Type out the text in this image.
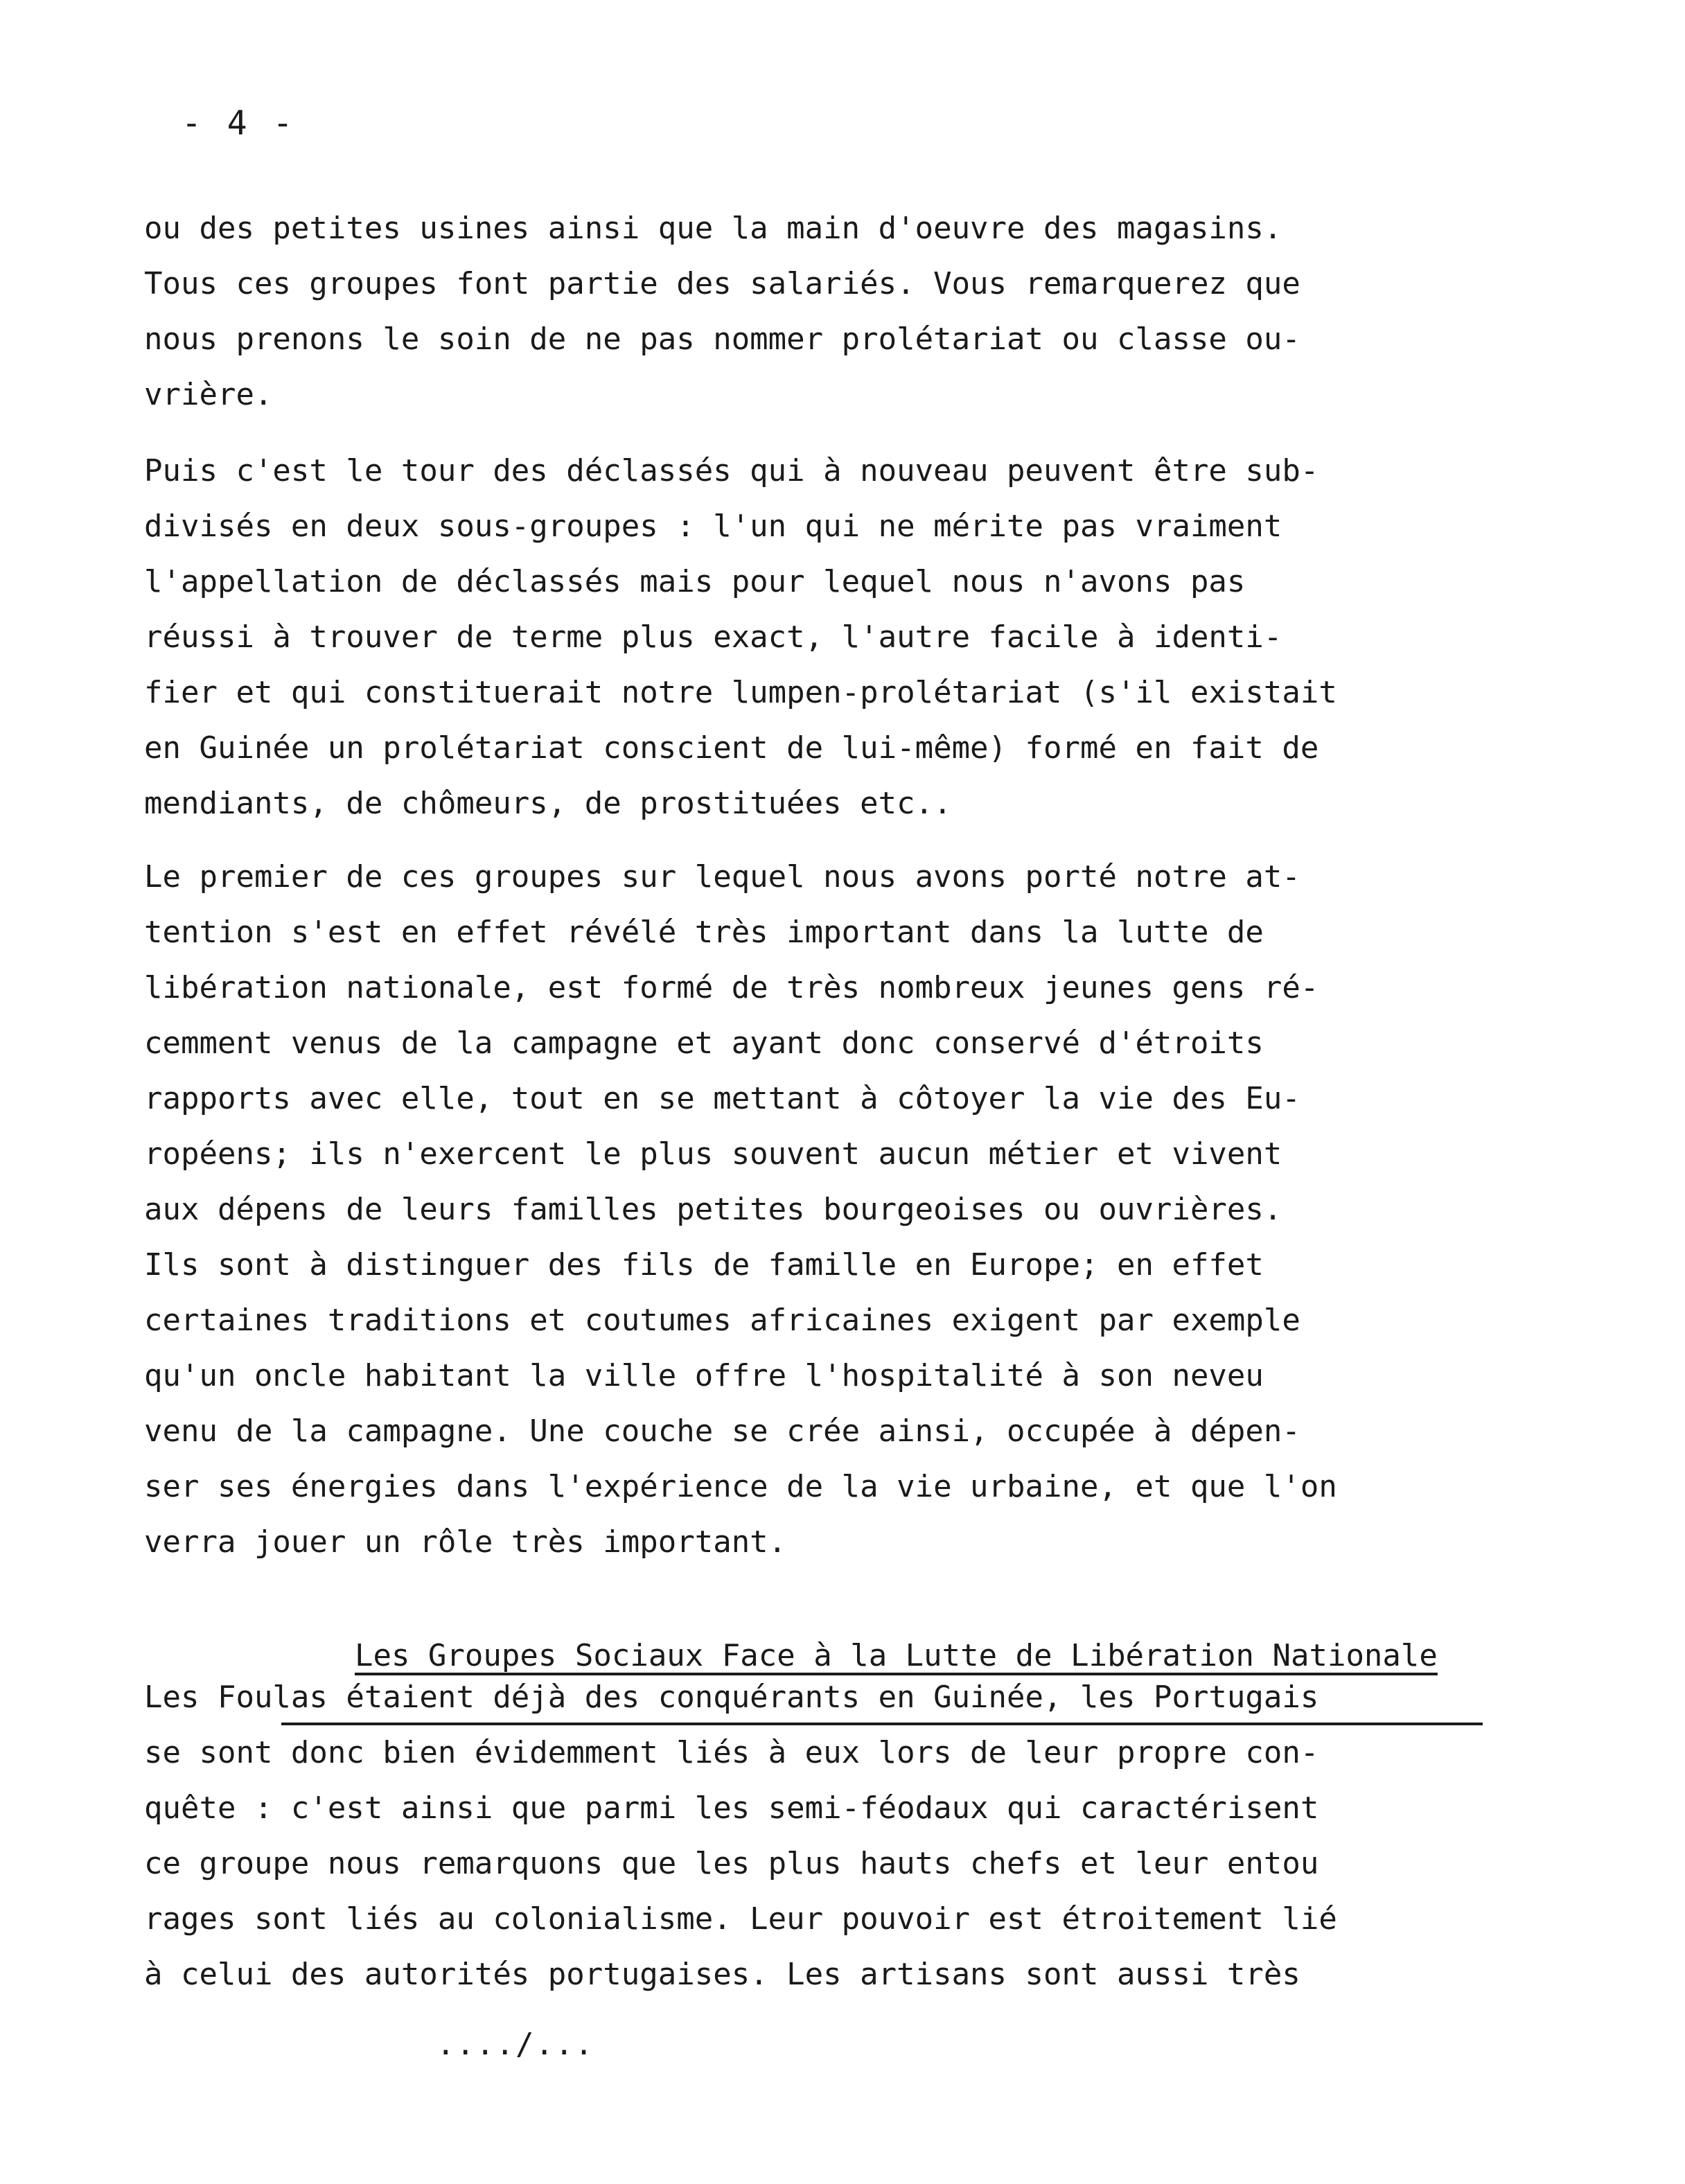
- 4 -
ou des petites usines ainsi que la main d'oeuvre des magasins.
Tous ces groupes font partie des salariés. Vous remarquerez que
nous prenons le soin de ne pas nommer prolétariat ou classe ou-
vrière.
Puis c'est le tour des déclassés qui à nouveau peuvent être sub-
divisés en deux sous-groupes : l'un qui ne mérite pas vraiment
l'appellation de déclassés mais pour lequel nous n'avons pas
réussi à trouver de terme plus exact, l'autre facile à identi-
fier et qui constituerait notre lumpen-prolétariat (s'il existait
en Guinée un prolétariat conscient de lui-même) formé en fait de
mendiants, de chômeurs, de prostituées etc..
Le premier de ces groupes sur lequel nous avons porté notre at-
tention s'est en effet révélé très important dans la lutte de
libération nationale, est formé de très nombreux jeunes gens ré-
cemment venus de la campagne et ayant donc conservé d'étroits
rapports avec elle, tout en se mettant à côtoyer la vie des Eu-
ropéens; ils n'exercent le plus souvent aucun métier et vivent
aux dépens de leurs familles petites bourgeoises ou ouvrières.
Ils sont à distinguer des fils de famille en Europe; en effet
certaines traditions et coutumes africaines exigent par exemple
qu'un oncle habitant la ville offre l'hospitalité à son neveu
venu de la campagne. Une couche se crée ainsi, occupée à dépen-
ser ses énergies dans l'expérience de la vie urbaine, et que l'on
verra jouer un rôle très important.

Les Groupes Sociaux Face à la Lutte de Libération Nationale

Les Foulas étaient déjà des conquérants en Guinée, les Portugais
se sont donc bien évidemment liés à eux lors de leur propre con-
quête : c'est ainsi que parmi les semi-féodaux qui caractérisent
ce groupe nous remarquons que les plus hauts chefs et leur entou
rages sont liés au colonialisme. Leur pouvoir est étroitement lié
à celui des autorités portugaises. Les artisans sont aussi très
..../...
